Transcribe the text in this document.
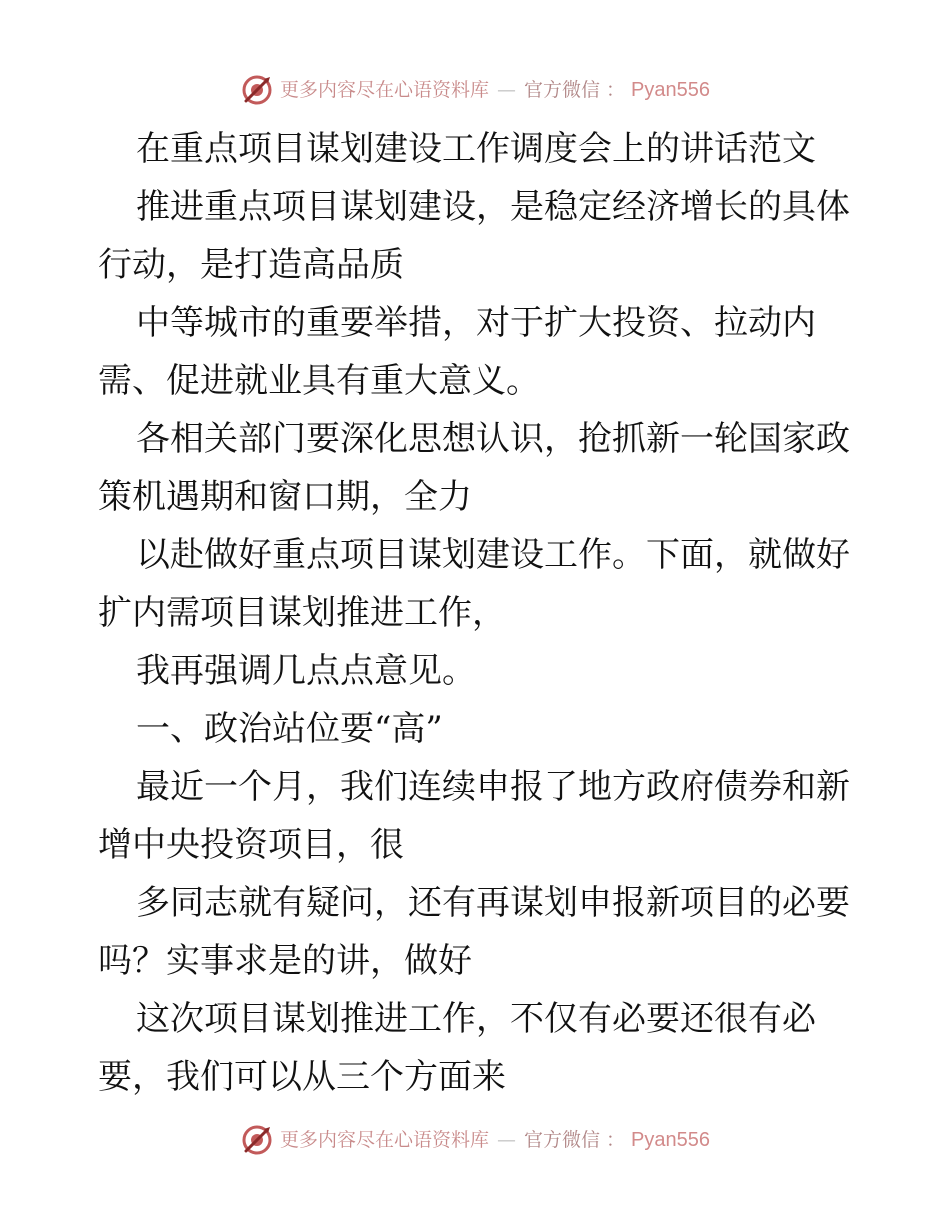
更多内容尽在心语资料库 — 官方微信 ： Pyan556

在重点项目谋划建设工作调度会上的讲话范文

推进重点项目谋划建设，是稳定经济增长的具体行动，是打造高品质

中等城市的重要举措，对于扩大投资、拉动内需、促进就业具有重大意义。

各相关部门要深化思想认识，抢抓新一轮国家政策机遇期和窗口期，全力

以赴做好重点项目谋划建设工作。下面，就做好扩内需项目谋划推进工作，

我再强调几点点意见。

一、政治站位要“高”

最近一个月，我们连续申报了地方政府债券和新增中央投资项目，很

多同志就有疑问，还有再谋划申报新项目的必要吗？实事求是的讲，做好

这次项目谋划推进工作，不仅有必要还很有必要，我们可以从三个方面来

更多内容尽在心语资料库 — 官方微信 ： Pyan556
